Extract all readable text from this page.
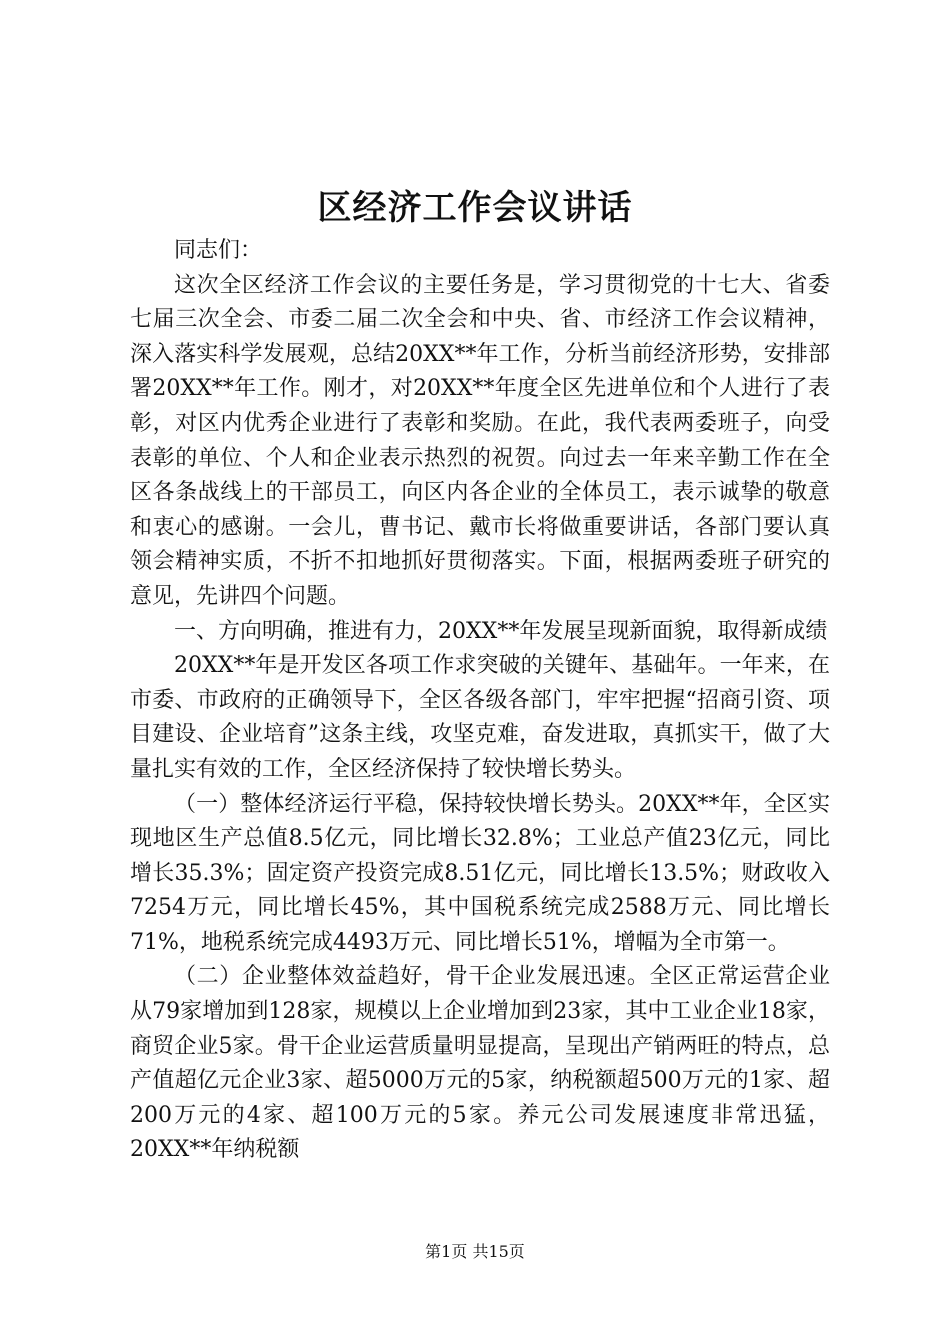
区经济工作会议讲话

同志们：

这次全区经济工作会议的主要任务是，学习贯彻党的十七大、省委七届三次全会、市委二届二次全会和中央、省、市经济工作会议精神，深入落实科学发展观，总结20XX**年工作，分析当前经济形势，安排部署20XX**年工作。刚才，对20XX**年度全区先进单位和个人进行了表彰，对区内优秀企业进行了表彰和奖励。在此，我代表两委班子，向受表彰的单位、个人和企业表示热烈的祝贺。向过去一年来辛勤工作在全区各条战线上的干部员工，向区内各企业的全体员工，表示诚挚的敬意和衷心的感谢。一会儿，曹书记、戴市长将做重要讲话，各部门要认真领会精神实质，不折不扣地抓好贯彻落实。下面，根据两委班子研究的意见，先讲四个问题。

一、方向明确，推进有力，20XX**年发展呈现新面貌，取得新成绩

20XX**年是开发区各项工作求突破的关键年、基础年。一年来，在市委、市政府的正确领导下，全区各级各部门，牢牢把握“招商引资、项目建设、企业培育”这条主线，攻坚克难，奋发进取，真抓实干，做了大量扎实有效的工作，全区经济保持了较快增长势头。

（一）整体经济运行平稳，保持较快增长势头。20XX**年，全区实现地区生产总值8.5亿元，同比增长32.8%；工业总产值23亿元，同比增长35.3%；固定资产投资完成8.51亿元，同比增长13.5%；财政收入7254万元，同比增长45%，其中国税系统完成2588万元、同比增长71%，地税系统完成4493万元、同比增长51%，增幅为全市第一。

（二）企业整体效益趋好，骨干企业发展迅速。全区正常运营企业从79家增加到128家，规模以上企业增加到23家，其中工业企业18家，商贸企业5家。骨干企业运营质量明显提高，呈现出产销两旺的特点，总产值超亿元企业3家、超5000万元的5家，纳税额超500万元的1家、超200万元的4家、超100万元的5家。养元公司发展速度非常迅猛，20XX**年纳税额

第1页 共15页
